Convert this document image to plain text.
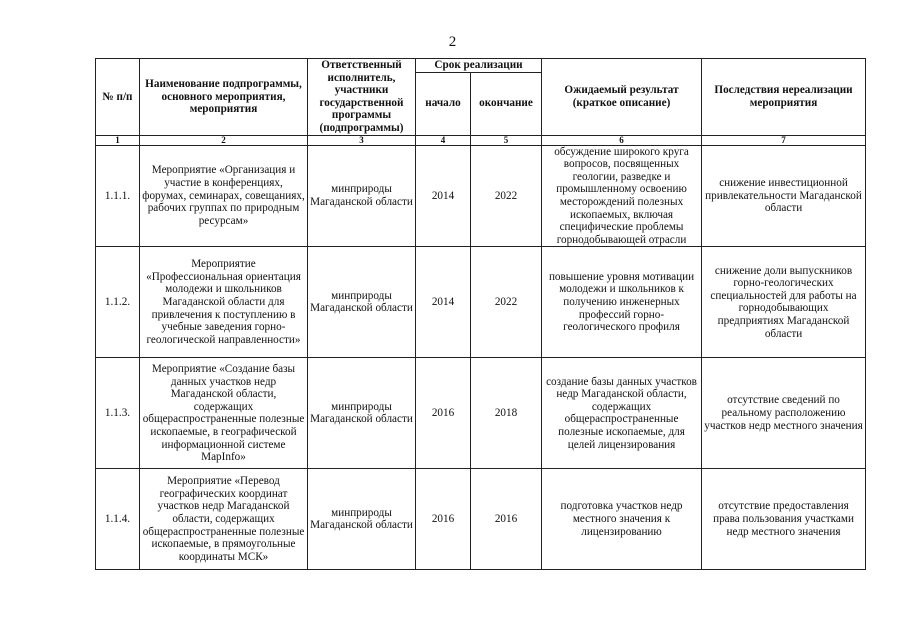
2
№ п/п	Наименование подпрограммы, основного мероприятия, мероприятия	Ответственный исполнитель, участники государственной программы (подпрограммы)	Срок реализации		Ожидаемый результат (краткое описание)	Последствия нереализации мероприятия
			начало	окончание		
1	2	3	4	5	6	7
1.1.1.	Мероприятие «Организация и участие в конференциях, форумах, семинарах, совещаниях, рабочих группах по природным ресурсам»	минприроды Магаданской области	2014	2022	обсуждение широкого круга вопросов, посвященных геологии, разведке и промышленному освоению месторождений полезных ископаемых, включая специфические проблемы горнодобывающей отрасли	снижение инвестиционной привлекательности Магаданской области
1.1.2.	Мероприятие «Профессиональная ориентация молодежи и школьников Магаданской области для привлечения к поступлению в учебные заведения горно-геологической направленности»	минприроды Магаданской области	2014	2022	повышение уровня мотивации молодежи и школьников к получению инженерных профессий горно-геологического профиля	снижение доли выпускников горно-геологических специальностей для работы на горнодобывающих предприятиях Магаданской области
1.1.3.	Мероприятие «Создание базы данных участков недр Магаданской области, содержащих общераспространенные полезные ископаемые, в географической информационной системе MapInfo»	минприроды Магаданской области	2016	2018	создание базы данных участков недр Магаданской области, содержащих общераспространенные полезные ископаемые, для целей лицензирования	отсутствие сведений по реальному расположению участков недр местного значения
1.1.4.	Мероприятие «Перевод географических координат участков недр Магаданской области, содержащих общераспространенные полезные ископаемые, в прямоугольные координаты МСК»	минприроды Магаданской области	2016	2016	подготовка участков недр местного значения к лицензированию	отсутствие предоставления права пользования участками недр местного значения
